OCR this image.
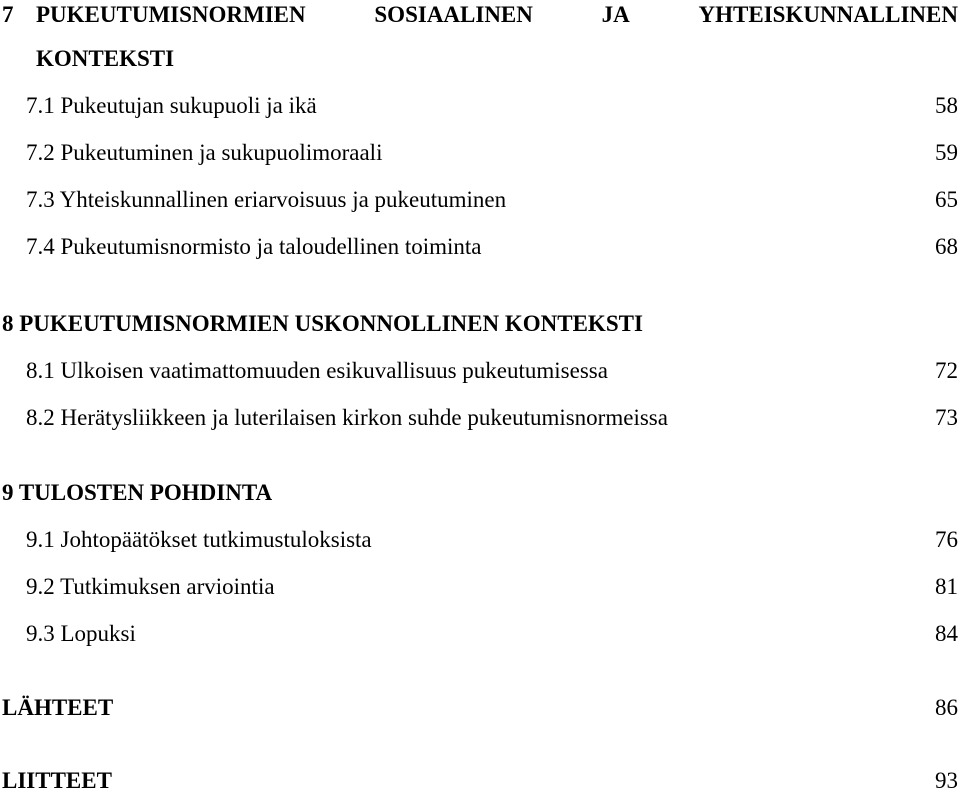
7 PUKEUTUMISNORMIEN	SOSIAALINEN	JA	YHTEISKUNNALLINEN
KONTEKSTI
7.1 Pukeutujan sukupuoli ja ikä	58
7.2 Pukeutuminen ja sukupuolimoraali	59
7.3 Yhteiskunnallinen eriarvoisuus ja pukeutuminen	65
7.4 Pukeutumisnormisto ja taloudellinen toiminta	68
8 PUKEUTUMISNORMIEN USKONNOLLINEN KONTEKSTI
8.1 Ulkoisen vaatimattomuuden esikuvallisuus pukeutumisessa	72
8.2 Herätysliikkeen ja luterilaisen kirkon suhde pukeutumisnormeissa	73
9 TULOSTEN POHDINTA
9.1 Johtopäätökset tutkimustuloksista	76
9.2 Tutkimuksen arviointia	81
9.3 Lopuksi	84
LÄHTEET	86
LIITTEET	93
